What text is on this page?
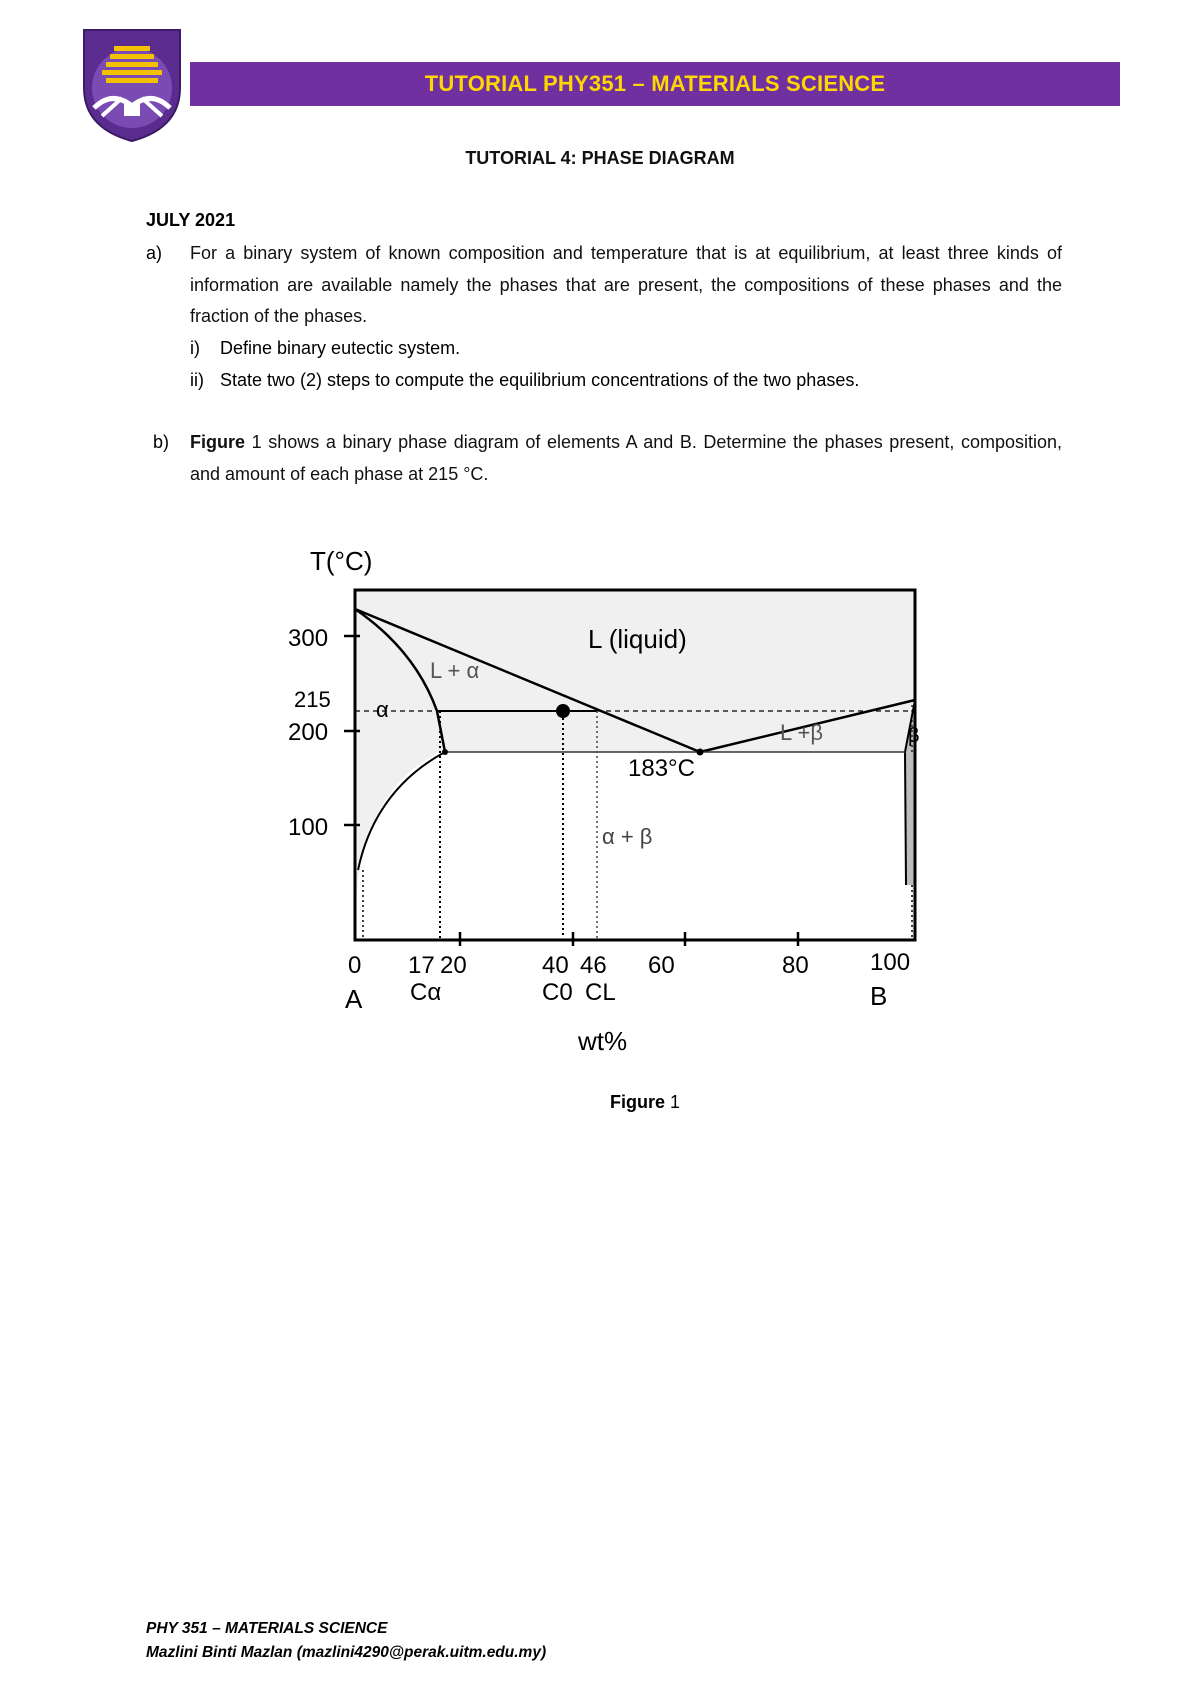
TUTORIAL PHY351 – MATERIALS SCIENCE
TUTORIAL 4: PHASE DIAGRAM
JULY 2021
a) For a binary system of known composition and temperature that is at equilibrium, at least three kinds of information are available namely the phases that are present, the compositions of these phases and the fraction of the phases.
i) Define binary eutectic system.
ii) State two (2) steps to compute the equilibrium concentrations of the two phases.
b) Figure 1 shows a binary phase diagram of elements A and B. Determine the phases present, composition, and amount of each phase at 215 °C.
T(°C)
300
215
200
100
0 17 20	40 46 60	80	100
Cα	C0 CL
A	B
wt%
L (liquid)
L + α
L +β
α + β
α
β
183°C
Figure 1
PHY 351 – MATERIALS SCIENCE
Mazlini Binti Mazlan (mazlini4290@perak.uitm.edu.my)
